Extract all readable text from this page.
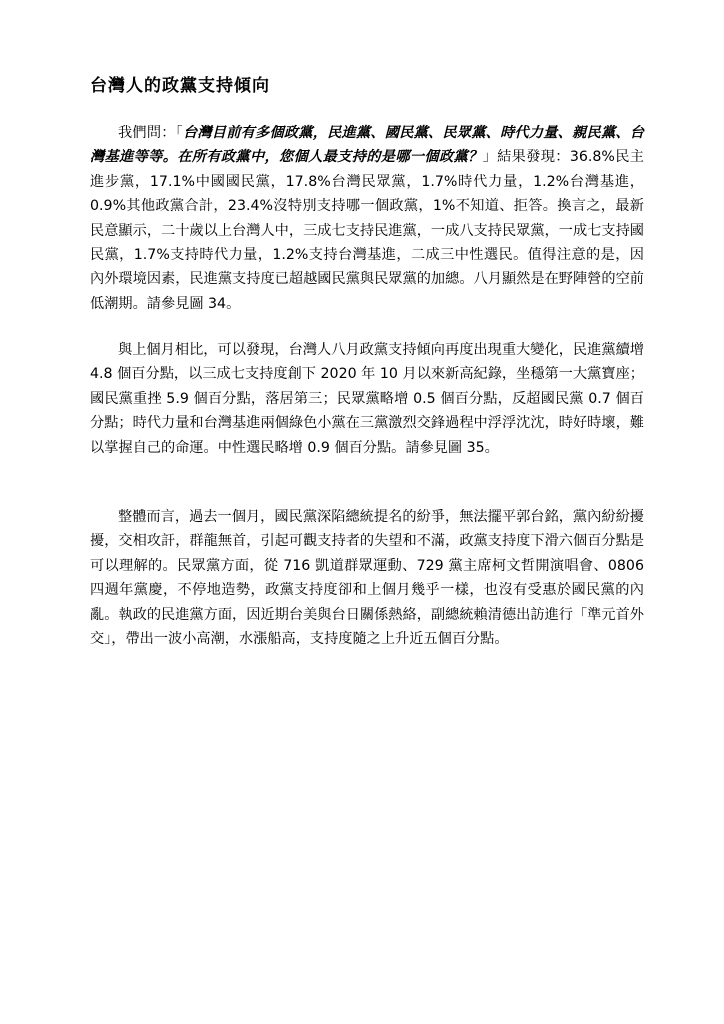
台灣人的政黨支持傾向

我們問：「台灣目前有多個政黨，民進黨、國民黨、民眾黨、時代力量、親民黨、台灣基進等等。在所有政黨中，您個人最支持的是哪一個政黨？」結果發現：36.8%民主進步黨，17.1%中國國民黨，17.8%台灣民眾黨，1.7%時代力量，1.2%台灣基進，0.9%其他政黨合計，23.4%沒特別支持哪一個政黨，1%不知道、拒答。換言之，最新民意顯示，二十歲以上台灣人中，三成七支持民進黨，一成八支持民眾黨，一成七支持國民黨，1.7%支持時代力量，1.2%支持台灣基進，二成三中性選民。值得注意的是，因內外環境因素，民進黨支持度已超越國民黨與民眾黨的加總。八月顯然是在野陣營的空前低潮期。請參見圖 34。

與上個月相比，可以發現，台灣人八月政黨支持傾向再度出現重大變化，民進黨續增 4.8 個百分點，以三成七支持度創下 2020 年 10 月以來新高紀錄，坐穩第一大黨寶座；國民黨重挫 5.9 個百分點，落居第三；民眾黨略增 0.5 個百分點，反超國民黨 0.7 個百分點；時代力量和台灣基進兩個綠色小黨在三黨激烈交鋒過程中浮浮沈沈，時好時壞，難以掌握自己的命運。中性選民略增 0.9 個百分點。請參見圖 35。

整體而言，過去一個月，國民黨深陷總統提名的紛爭，無法擺平郭台銘，黨內紛紛擾擾，交相攻訐，群龍無首，引起可觀支持者的失望和不滿，政黨支持度下滑六個百分點是可以理解的。民眾黨方面，從 716 凱道群眾運動、729 黨主席柯文哲開演唱會、0806 四週年黨慶，不停地造勢，政黨支持度卻和上個月幾乎一樣，也沒有受惠於國民黨的內亂。執政的民進黨方面，因近期台美與台日關係熱絡，副總統賴清德出訪進行「準元首外交」，帶出一波小高潮，水漲船高，支持度隨之上升近五個百分點。
